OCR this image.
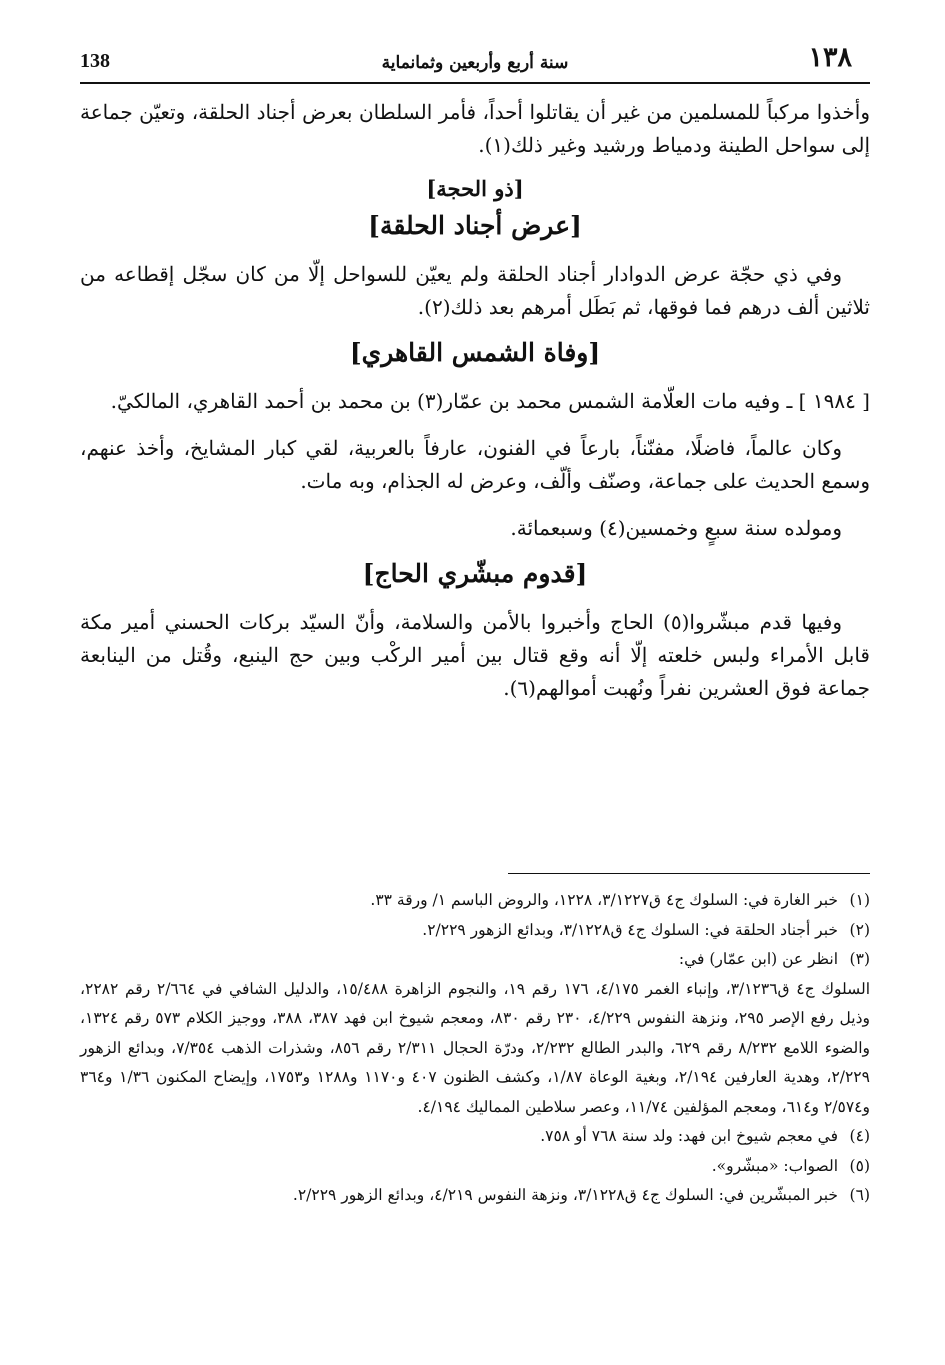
١٣٨
سنة أربع وأربعين وثمانماية
138

وأخذوا مركباً للمسلمين من غير أن يقاتلوا أحداً، فأمر السلطان بعرض أجناد الحلقة، وتعيّن جماعة إلى سواحل الطينة ودمياط ورشيد وغير ذلك(١).

[ذو الحجة]
[عرض أجناد الحلقة]

وفي ذي حجّة عرض الدوادار أجناد الحلقة ولم يعيّن للسواحل إلّا من كان سجّل إقطاعه من ثلاثين ألف درهم فما فوقها، ثم بَطَل أمرهم بعد ذلك(٢).

[وفاة الشمس القاهري]

[ ١٩٨٤ ] ـ وفيه مات العلّامة الشمس محمد بن عمّار(٣) بن محمد بن أحمد القاهري، المالكيّ.

وكان عالماً، فاضلًا، مفنّناً، بارعاً في الفنون، عارفاً بالعربية، لقي كبار المشايخ، وأخذ عنهم، وسمع الحديث على جماعة، وصنّف وألّف، وعرض له الجذام، وبه مات.

ومولده سنة سبعٍ وخمسين(٤) وسبعمائة.

[قدوم مبشّري الحاج]

وفيها قدم مبشّروا(٥) الحاج وأخبروا بالأمن والسلامة، وأنّ السيّد بركات الحسني أمير مكة قابل الأمراء ولبس خلعته إلّا أنه وقع قتال بين أمير الركْب وبين حج الينبع، وقُتل من الينابعة جماعة فوق العشرين نفراً ونُهبت أموالهم(٦).

(١)
خبر الغارة في: السلوك ج٤ ق٣/١٢٢٧، ١٢٢٨، والروض الباسم ١/ ورقة ٣٣.
(٢)
خبر أجناد الحلقة في: السلوك ج٤ ق٣/١٢٢٨، وبدائع الزهور ٢/٢٢٩.
(٣)
انظر عن (ابن عمّار) في:

السلوك ج٤ ق٣/١٢٣٦، وإنباء الغمر ٤/١٧٥، ١٧٦ رقم ١٩، والنجوم الزاهرة ١٥/٤٨٨، والدليل الشافي في ٢/٦٦٤ رقم ٢٢٨٢، وذيل رفع الإصر ٢٩٥، ونزهة النفوس ٤/٢٢٩، ٢٣٠ رقم ٨٣٠، ومعجم شيوخ ابن فهد ٣٨٧، ٣٨٨، ووجيز الكلام ٥٧٣ رقم ١٣٢٤، والضوء اللامع ٨/٢٣٢ رقم ٦٢٩، والبدر الطالع ٢/٢٣٢، ودرّة الحجال ٢/٣١١ رقم ٨٥٦، وشذرات الذهب ٧/٣٥٤، وبدائع الزهور ٢/٢٢٩، وهدية العارفين ٢/١٩٤، وبغية الوعاة ١/٨٧، وكشف الظنون ٤٠٧ و١١٧٠ و١٢٨٨ و١٧٥٣، وإيضاح المكنون ١/٣٦ و٣٦٤ و٢/٥٧٤ و٦١٤، ومعجم المؤلفين ١١/٧٤، وعصر سلاطين المماليك ٤/١٩٤.

(٤)
في معجم شيوخ ابن فهد: ولد سنة ٧٦٨ أو ٧٥٨.
(٥)
الصواب: «مبشّرو».
(٦)
خبر المبشّرين في: السلوك ج٤ ق٣/١٢٢٨، ونزهة النفوس ٤/٢١٩، وبدائع الزهور ٢/٢٢٩.
